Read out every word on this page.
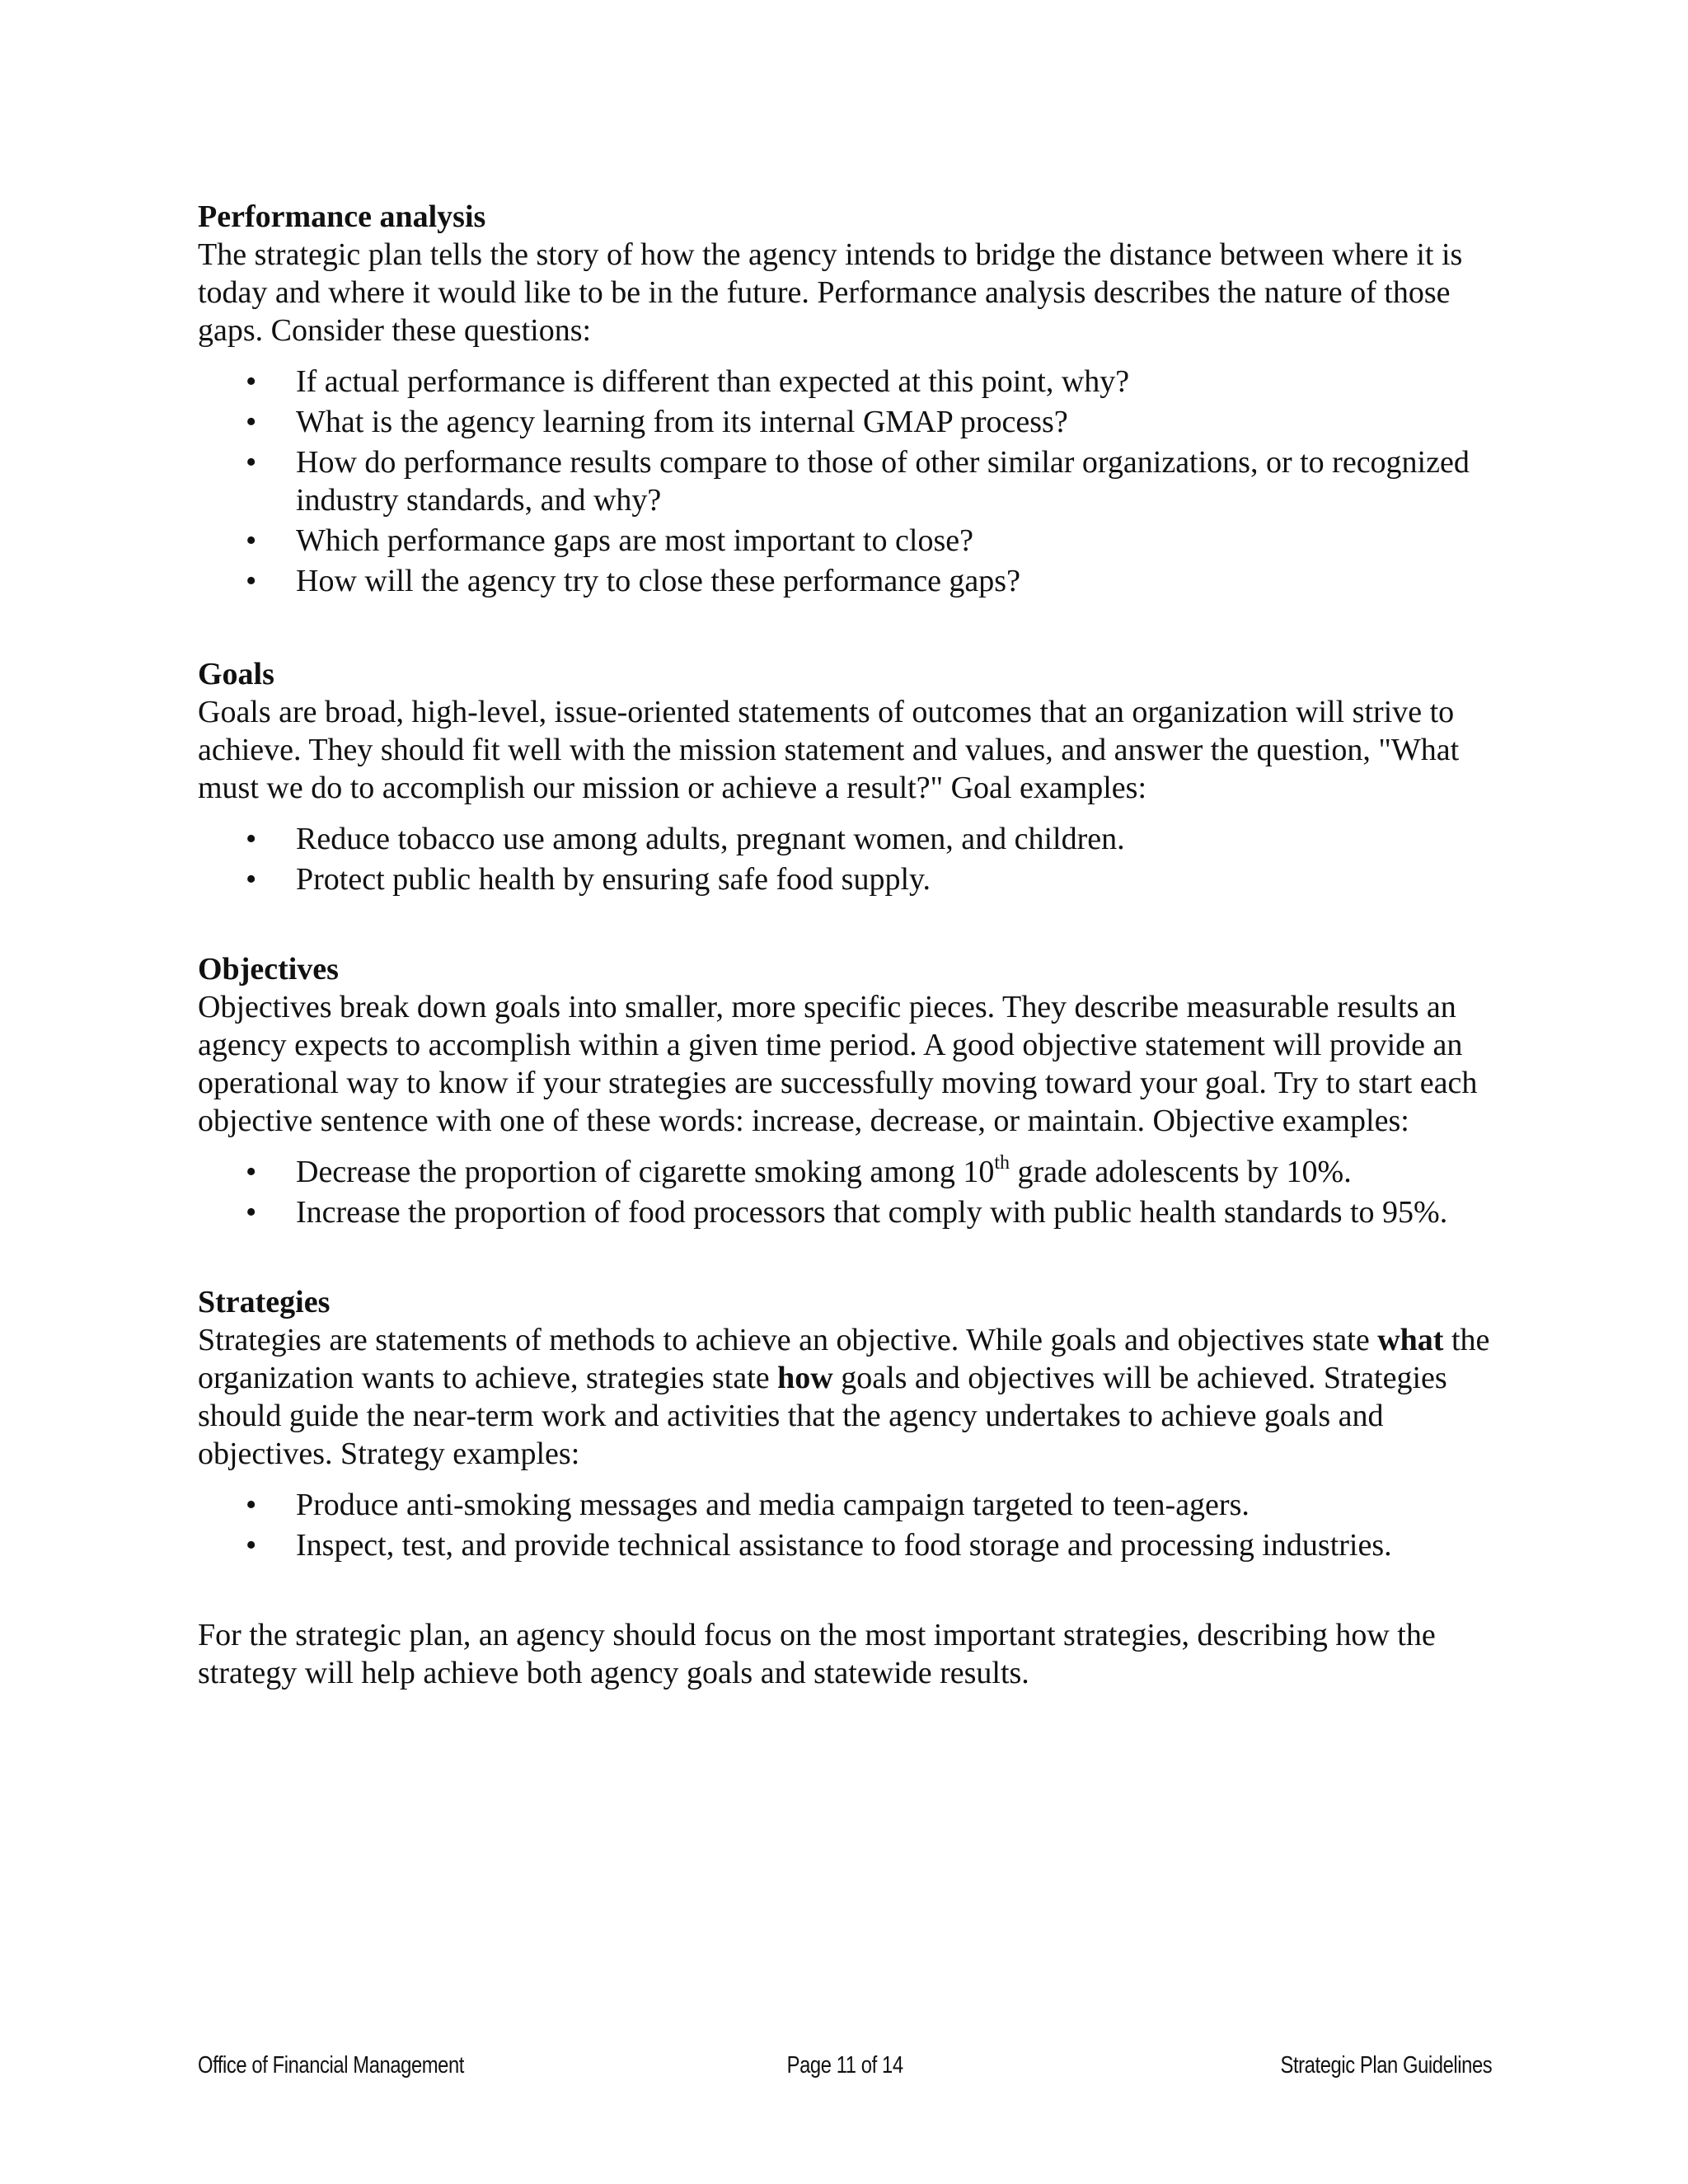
Performance analysis

The strategic plan tells the story of how the agency intends to bridge the distance between where it is today and where it would like to be in the future. Performance analysis describes the nature of those gaps. Consider these questions:

•	If actual performance is different than expected at this point, why?
•	What is the agency learning from its internal GMAP process?
•	How do performance results compare to those of other similar organizations, or to recognized industry standards, and why?
•	Which performance gaps are most important to close?
•	How will the agency try to close these performance gaps?
Goals

Goals are broad, high-level, issue-oriented statements of outcomes that an organization will strive to achieve. They should fit well with the mission statement and values, and answer the question, "What must we do to accomplish our mission or achieve a result?" Goal examples:

•	Reduce tobacco use among adults, pregnant women, and children.
•	Protect public health by ensuring safe food supply.
Objectives

Objectives break down goals into smaller, more specific pieces. They describe measurable results an agency expects to accomplish within a given time period. A good objective statement will provide an operational way to know if your strategies are successfully moving toward your goal. Try to start each objective sentence with one of these words: increase, decrease, or maintain. Objective examples:

•	Decrease the proportion of cigarette smoking among 10th grade adolescents by 10%.
•	Increase the proportion of food processors that comply with public health standards to 95%.
Strategies

Strategies are statements of methods to achieve an objective. While goals and objectives state what the organization wants to achieve, strategies state how goals and objectives will be achieved. Strategies should guide the near-term work and activities that the agency undertakes to achieve goals and objectives. Strategy examples:

•	Produce anti-smoking messages and media campaign targeted to teen-agers.
•	Inspect, test, and provide technical assistance to food storage and processing industries.

For the strategic plan, an agency should focus on the most important strategies, describing how the strategy will help achieve both agency goals and statewide results.

Office of Financial Management	Page 11 of 14	Strategic Plan Guidelines
